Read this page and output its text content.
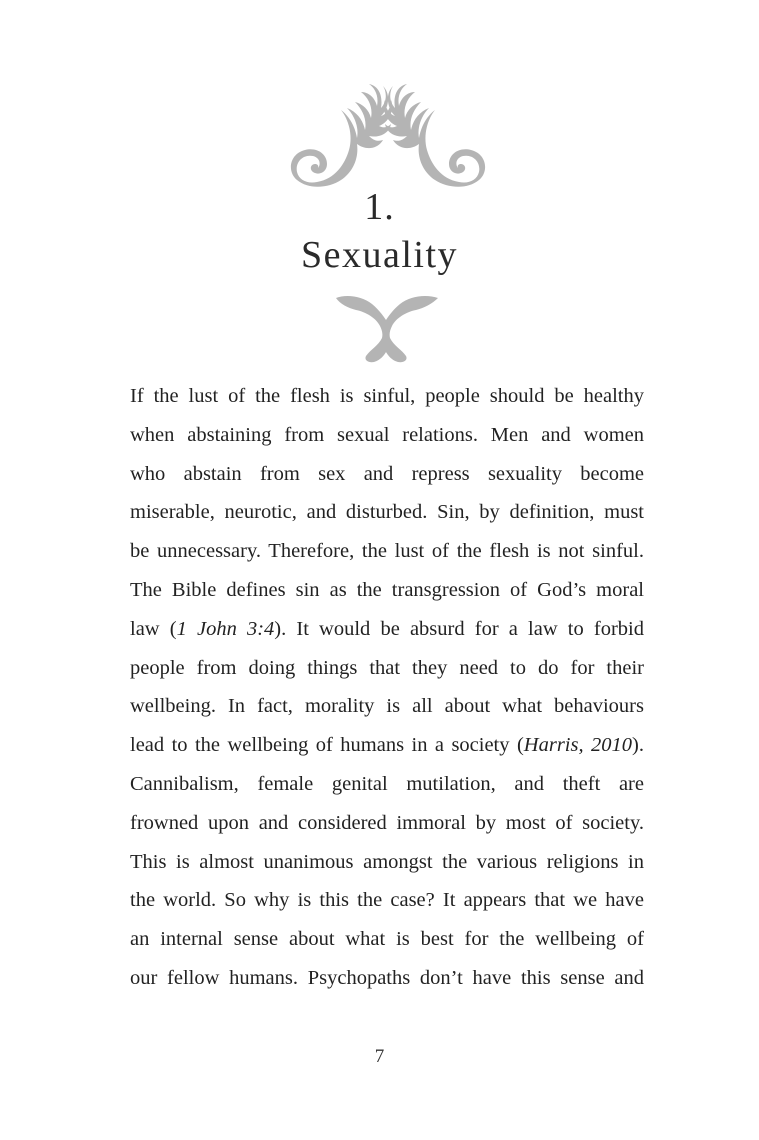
1.
Sexuality
If the lust of the flesh is sinful, people should be healthy
when abstaining from sexual relations. Men and women
who abstain from sex and repress sexuality become
miserable, neurotic, and disturbed. Sin, by definition, must
be unnecessary. Therefore, the lust of the flesh is not sinful.
The Bible defines sin as the transgression of God’s moral
law (1 John 3:4). It would be absurd for a law to forbid
people from doing things that they need to do for their
wellbeing. In fact, morality is all about what behaviours
lead to the wellbeing of humans in a society (Harris, 2010).
Cannibalism, female genital mutilation, and theft are
frowned upon and considered immoral by most of society.
This is almost unanimous amongst the various religions in
the world. So why is this the case? It appears that we have
an internal sense about what is best for the wellbeing of
our fellow humans. Psychopaths don’t have this sense and
7
